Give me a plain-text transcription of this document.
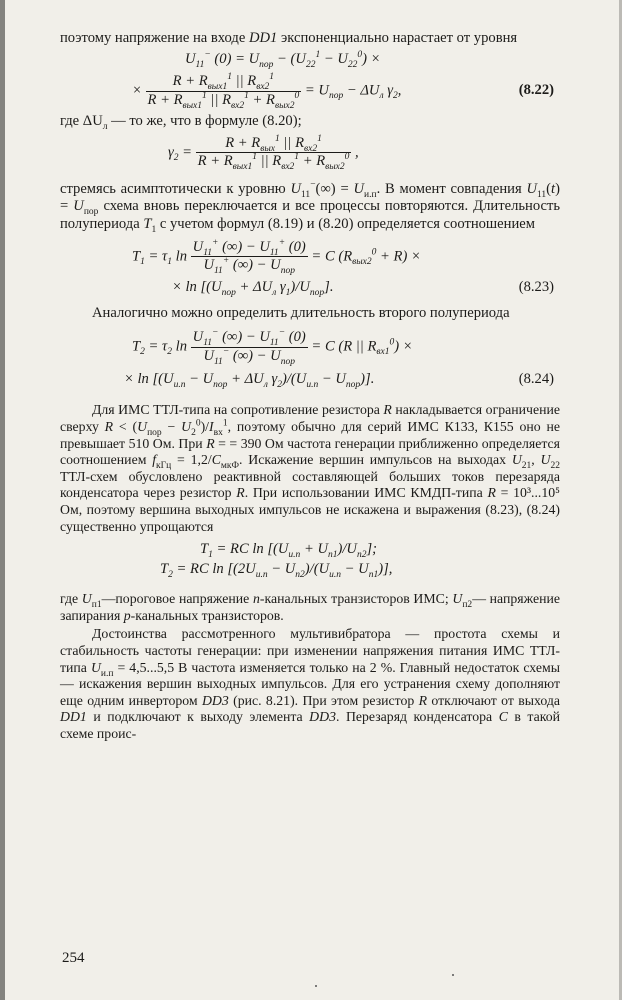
поэтому напряжение на входе DD1 экспоненциально нарастает от уровня

$U_{11}^-$ $(0) = U_{пор} - (U_{22}^1 - U_{22}^0)$ ×
× $\frac{R + R_{вых1}^1 || R_{вх2}^1}{R + R_{вых1}^1 || R_{вх2}^1 + R_{вых2}^0} = U_{пор} - \Delta U_л$ $\gamma_2$,	(8.22)

где $\Delta U_л$ — то же, что в формуле (8.20);

$\gamma_2 = \frac{R + R_{вых}^1 || R_{вх2}^1}{R + R_{вых1}^1 || R_{вх2}^1 + R_{вых2}^0}$ ,

стремясь асимптотически к уровню $U_{11}^-(\infty) = U_{и.п}$. В момент совпадения $U_{11}(t) = U_{пор}$ схема вновь переключается и все процессы повторяются. Длительность полупериода $T_1$ с учетом формул (8.19) и (8.20) определяется соотношением

$T_1 = \tau_1$ $\ln \frac{U_{11}^+ (\infty) - U_{11}^+ (0)}{U_{11}^+ (\infty) - U_{пор}} = C$ $(R_{вых2}^0 + R)$ ×
× $\ln [(U_{пор} + \Delta U_л$ $\gamma_1)/U_{пор}$].	(8.23)

Аналогично можно определить длительность второго полупериода

$T_2 = \tau_2$ $\ln \frac{U_{11}^- (\infty) - U_{11}^- (0)}{U_{11}^- (\infty) - U_{пор}} = C$ (R || $R_{вх1}^0$) ×
× $\ln [(U_{и.п} - U_{пор} + \Delta U_л$ $\gamma_2)/(U_{и.п} - U_{пор})$].	(8.24)

Для ИМС ТТЛ-типа на сопротивление резистора R накладывается ограничение сверху $R < (U_{пор} - U_2^0)/I_{вх}^1$, поэтому обычно для серий ИМС К133, К155 оно не превышает 510 Ом. При R = = 390 Ом частота генерации приближенно определяется соотношением $f_{кГц} = 1,2/C_{мкФ}$. Искажение вершин импульсов на выходах $U_{21}$, $U_{22}$ ТТЛ-схем обусловлено реактивной составляющей больших токов перезаряда конденсатора через резистор R. При использовании ИМС КМДП-типа R = 10³...10⁵ Ом, поэтому вершина выходных импульсов не искажена и выражения (8.23), (8.24) существенно упрощаются

$T_1$ = RC $\ln [(U_{и.п} + U_{п1})/U_{п2}]$;
$T_2$ = RC $\ln [(2U_{и.п} - U_{п2})/(U_{и.п} - U_{п1})]$,

где $U_{п1}—пороговое$ напряжение n-канальных транзисторов ИМС; $U_{п2}—$ напряжение запирания p-канальных транзисторов.

Достоинства рассмотренного мультивибратора — простота схемы и стабильность частоты генерации: при изменении напряжения питания ИМС ТТЛ-типа $U_{и.п} = 4,5...5,5$ В частота изменяется только на 2 %. Главный недостаток схемы — искажения вершин выходных импульсов. Для его устранения схему дополняют еще одним инвертором DD3 (рис. 8.21). При этом резистор R отключают от выхода DD1 и подключают к выходу элемента DD3. Перезаряд конденсатора C в такой схеме проис-

254
